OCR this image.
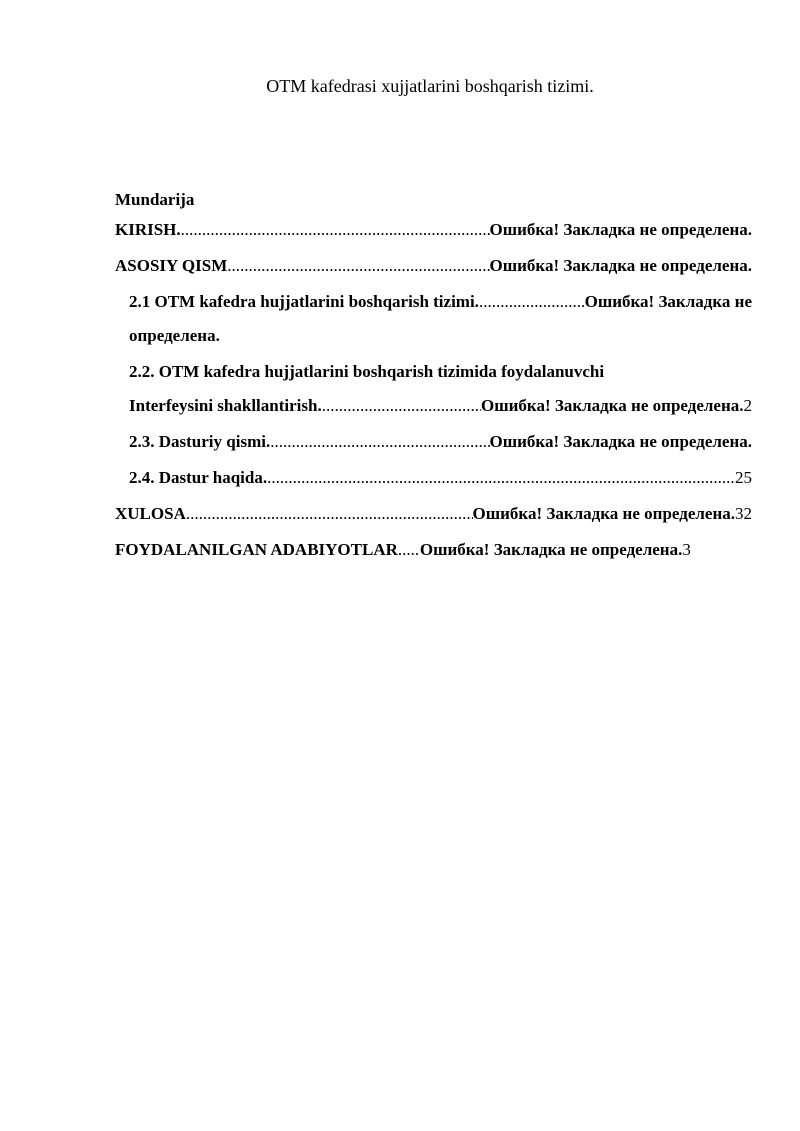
OTM kafedrasi xujjatlarini boshqarish tizimi.
Mundarija
KIRISH. .....	Ошибка! Закладка не определена.
ASOSIY QISM .....	Ошибка! Закладка не определена.
2.1 OTM kafedra hujjatlarini boshqarish tizimi. .....	Ошибка! Закладка не
определена.
2.2. OTM kafedra hujjatlarini boshqarish tizimida foydalanuvchi
Interfeysini shakllantirish. .....	Ошибка! Закладка не определена. 2
2.3. Dasturiy qismi. .....	Ошибка! Закладка не определена.
2.4. Dastur haqida. .....	25
XULOSA .....	Ошибка! Закладка не определена. 32
FOYDALANILGAN ADABIYOTLAR ..... Ошибка! Закладка не определена. 3
